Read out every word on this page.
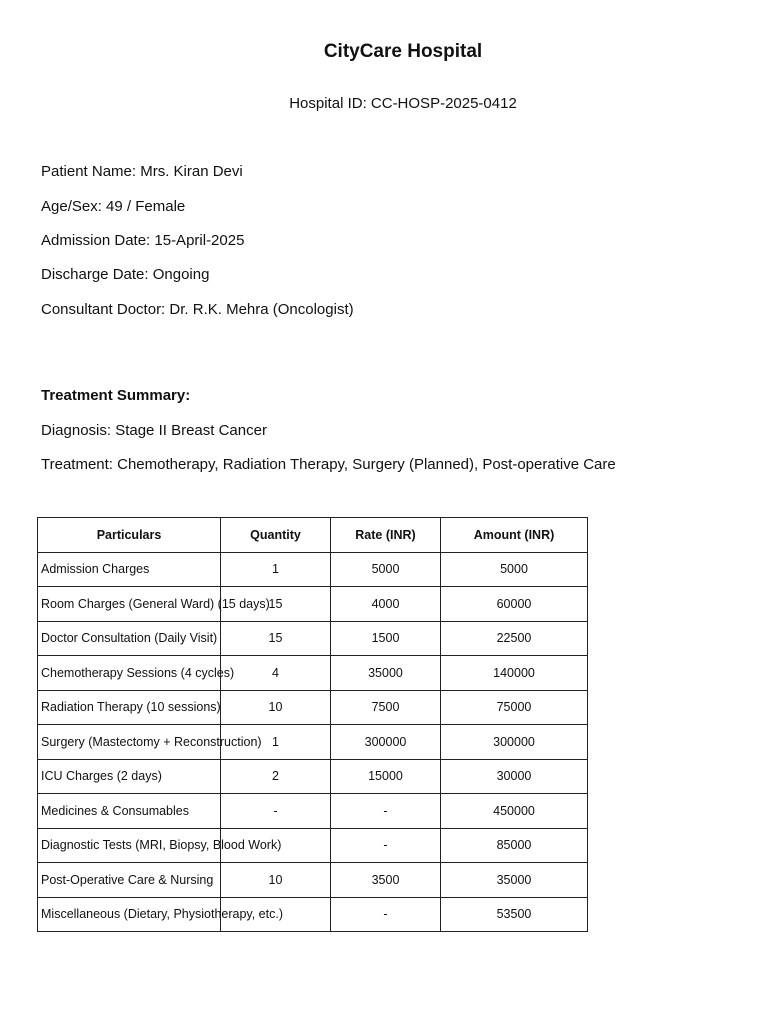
CityCare Hospital
Hospital ID: CC-HOSP-2025-0412
Patient Name: Mrs. Kiran Devi
Age/Sex: 49 / Female
Admission Date: 15-April-2025
Discharge Date: Ongoing
Consultant Doctor: Dr. R.K. Mehra (Oncologist)
Treatment Summary:
Diagnosis: Stage II Breast Cancer
Treatment: Chemotherapy, Radiation Therapy, Surgery (Planned), Post-operative Care
Particulars	Quantity	Rate (INR)	Amount (INR)
Admission Charges	1	5000	5000
Room Charges (General Ward) (15 days)	15	4000	60000
Doctor Consultation (Daily Visit)	15	1500	22500
Chemotherapy Sessions (4 cycles)	4	35000	140000
Radiation Therapy (10 sessions)	10	7500	75000
Surgery (Mastectomy + Reconstruction)	1	300000	300000
ICU Charges (2 days)	2	15000	30000
Medicines & Consumables	-	-	450000
Diagnostic Tests (MRI, Biopsy, Blood Work)		-	85000
Post-Operative Care & Nursing	10	3500	35000
Miscellaneous (Dietary, Physiotherapy, etc.)		-	53500
